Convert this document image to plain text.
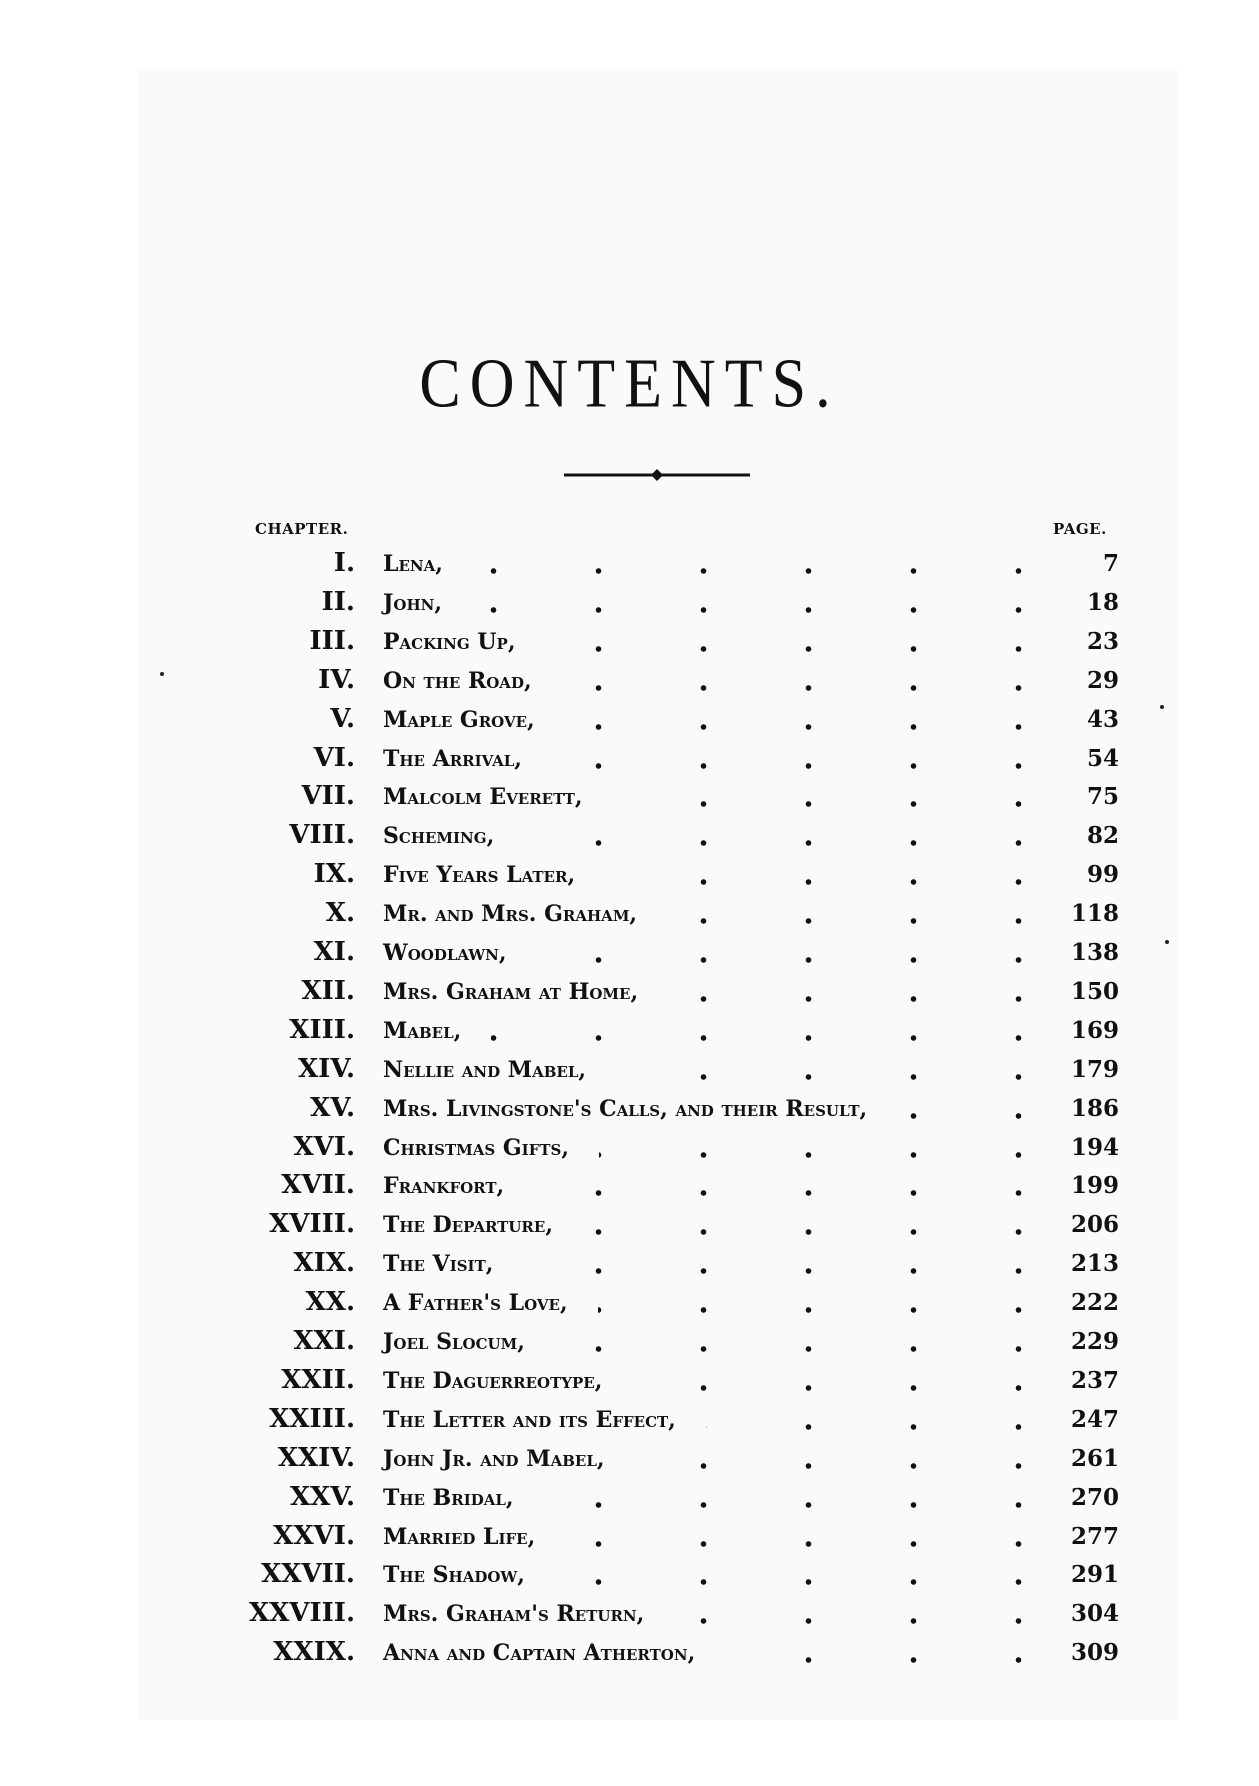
CONTENTS.
CHAPTER.	PAGE.
I. Lena,	7
II. John,	18
III. Packing Up,	23
IV. On the Road,	29
V. Maple Grove,	43
VI. The Arrival,	54
VII. Malcolm Everett,	75
VIII. Scheming,	82
IX. Five Years Later,	99
X. Mr. and Mrs. Graham,	118
XI. Woodlawn,	138
XII. Mrs. Graham at Home,	150
XIII. Mabel,	169
XIV. Nellie and Mabel,	179
XV. Mrs. Livingstone's Calls, and their Result,	186
XVI. Christmas Gifts,	194
XVII. Frankfort,	199
XVIII. The Departure,	206
XIX. The Visit,	213
XX. A Father's Love,	222
XXI. Joel Slocum,	229
XXII. The Daguerreotype,	237
XXIII. The Letter and its Effect,	247
XXIV. John Jr. and Mabel,	261
XXV. The Bridal,	270
XXVI. Married Life,	277
XXVII. The Shadow,	291
XXVIII. Mrs. Graham's Return,	304
XXIX. Anna and Captain Atherton,	309
